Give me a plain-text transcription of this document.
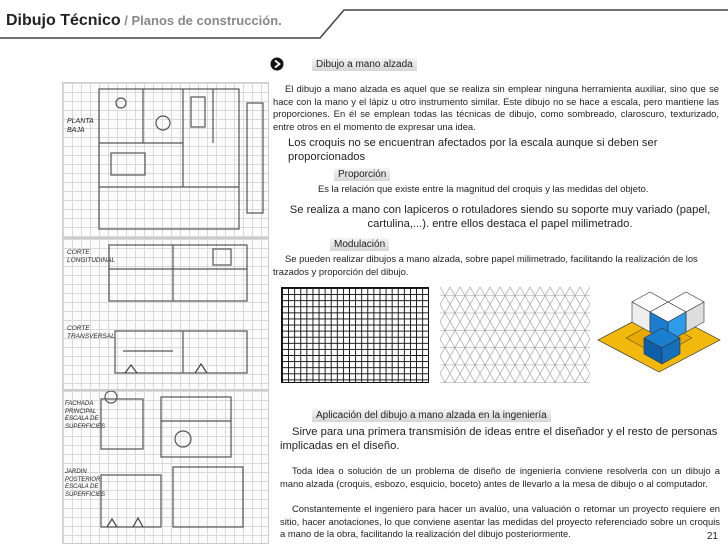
Dibujo Técnico / Planos de construcción.
PLANTA
BAJA
CORTE
LONGITUDINAL
CORTE
TRANSVERSAL
FACHADA
PRINCIPAL
ESCALA DE
SUPERFICIES
JARDIN
POSTERIOR
ESCALA DE
SUPERFICIES
Dibujo a mano alzada
El dibujo a mano alzada es aquel que se realiza sin emplear ninguna herramienta auxiliar, sino que se hace con la mano y el lápiz u otro instrumento similar. Este dibujo no se hace a escala, pero mantiene las proporciones. En él se emplean todas las técnicas de dibujo, como sombreado, claroscuro, texturizado, entre otros en el momento de expresar una idea.
Los croquis no se encuentran afectados por la escala aunque si deben ser proporcionados
Proporción
Es la relación que existe entre la magnitud del croquis y las medidas del objeto.
Se realiza a mano con lapiceros o rotuladores siendo su soporte muy variado (papel, cartulina,...). entre ellos destaca el papel milimetrado.
Modulación
Se pueden realizar dibujos a mano alzada, sobre papel milimetrado, facilitando la realización de los trazados y proporción del dibujo.
Aplicación del dibujo a mano alzada en la ingeniería
Sirve para una primera transmisión de ideas entre el diseñador y el resto de personas implicadas en el diseño.
Toda idea o solución de un problema de diseño de ingeniería conviene resolverla con un dibujo a mano alzada (croquis, esbozo, esquicio, boceto) antes de llevarlo a la mesa de dibujo o al computador.
Constantemente el ingeniero para hacer un avalúo, una valuación o retomar un proyecto requiere en sitio, hacer anotaciones, lo que conviene asentar las medidas del proyecto referenciado sobre un croquis a mano de la obra, facilitando la realización del dibujo posteriormente.	21
